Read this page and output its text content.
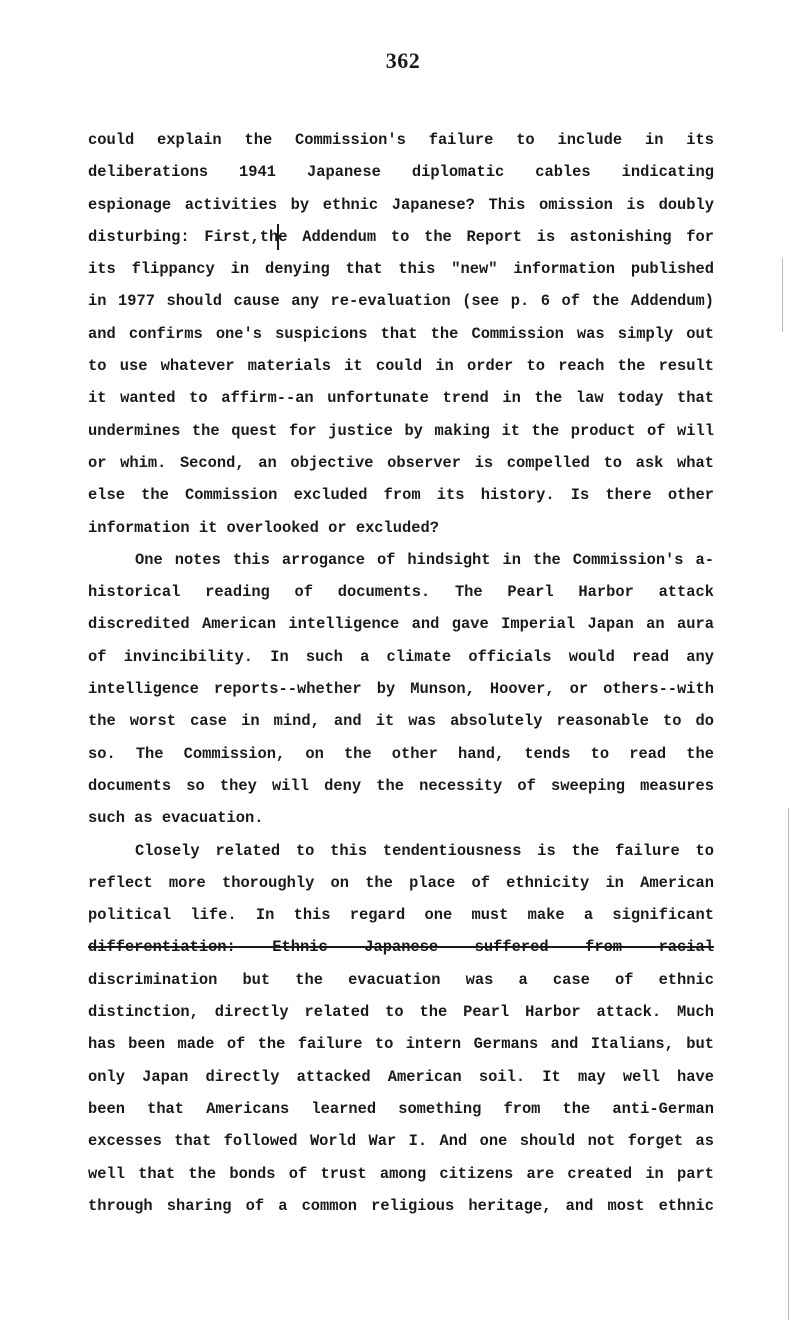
362
could explain the Commission's failure to include in its
deliberations 1941 Japanese diplomatic cables indicating
espionage activities by ethnic Japanese? This omission is doubly
disturbing: First,the Addendum to the Report is astonishing for
its flippancy in denying that this "new" information published
in 1977 should cause any re-evaluation (see p. 6 of the Addendum)
and confirms one's suspicions that the Commission was simply out
to use whatever materials it could in order to reach the result
it wanted to affirm--an unfortunate trend in the law today that
undermines the quest for justice by making it the product of will
or whim. Second, an objective observer is compelled to ask what
else the Commission excluded from its history. Is there other
information it overlooked or excluded?
One notes this arrogance of hindsight in the Commission's a-
historical reading of documents. The Pearl Harbor attack
discredited American intelligence and gave Imperial Japan an aura
of invincibility. In such a climate officials would read any
intelligence reports--whether by Munson, Hoover, or others--with
the worst case in mind, and it was absolutely reasonable to do
so. The Commission, on the other hand, tends to read the
documents so they will deny the necessity of sweeping measures
such as evacuation.
Closely related to this tendentiousness is the failure to
reflect more thoroughly on the place of ethnicity in American
political life. In this regard one must make a significant
differentiation: Ethnic Japanese suffered from racial
discrimination but the evacuation was a case of ethnic
distinction, directly related to the Pearl Harbor attack. Much
has been made of the failure to intern Germans and Italians, but
only Japan directly attacked American soil. It may well have
been that Americans learned something from the anti-German
excesses that followed World War I. And one should not forget as
well that the bonds of trust among citizens are created in part
through sharing of a common religious heritage, and most ethnic
